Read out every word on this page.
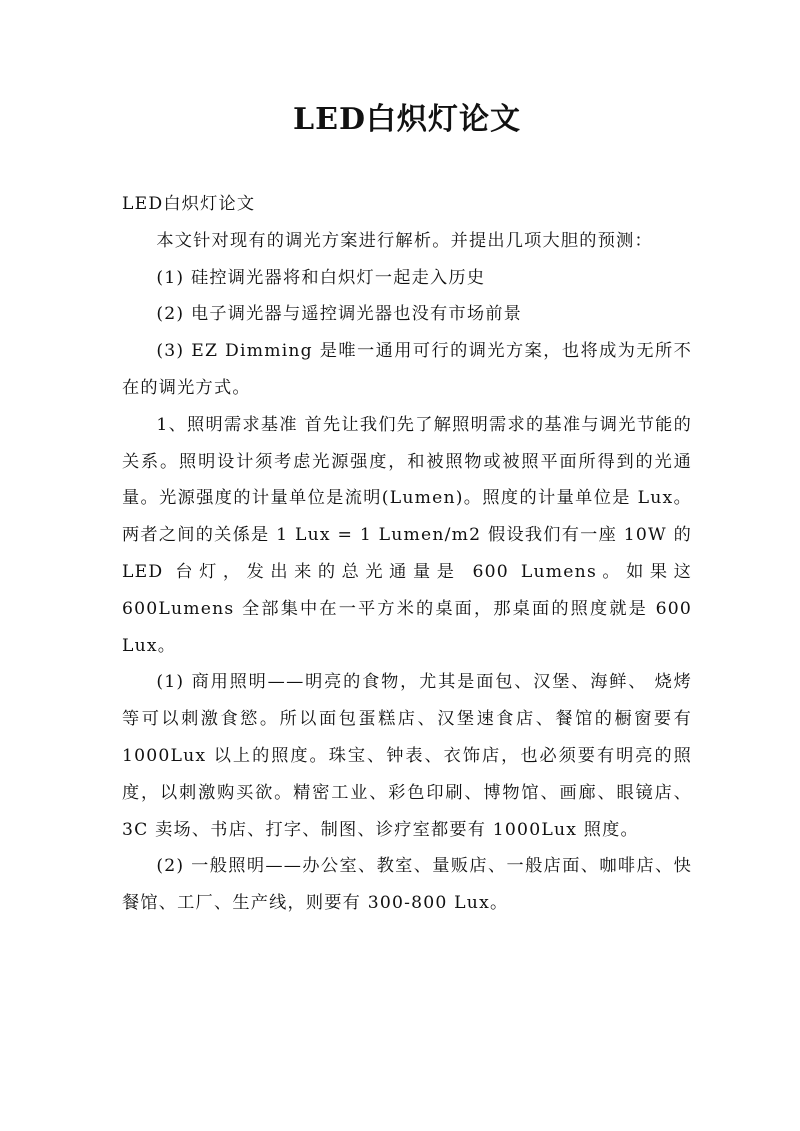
LED白炽灯论文

LED白炽灯论文

本文针对现有的调光方案进行解析。并提出几项大胆的预测：

(1) 硅控调光器将和白炽灯一起走入历史

(2) 电子调光器与遥控调光器也没有市场前景

(3) EZ Dimming 是唯一通用可行的调光方案，也将成为无所不在的调光方式。

1、照明需求基准 首先让我们先了解照明需求的基准与调光节能的关系。照明设计须考虑光源强度，和被照物或被照平面所得到的光通量。光源强度的计量单位是流明(Lumen)。照度的计量单位是 Lux。两者之间的关係是 1 Lux = 1 Lumen/m2 假设我们有一座 10W 的 LED 台灯，发出来的总光通量是 600 Lumens。如果这 600Lumens 全部集中在一平方米的桌面，那桌面的照度就是 600 Lux。

(1) 商用照明——明亮的食物，尤其是面包、汉堡、海鲜、 烧烤等可以刺激食慾。所以面包蛋糕店、汉堡速食店、餐馆的橱窗要有 1000Lux 以上的照度。珠宝、钟表、衣饰店，也必须要有明亮的照度，以刺激购买欲。精密工业、彩色印刷、博物馆、画廊、眼镜店、3C 卖场、书店、打字、制图、诊疗室都要有 1000Lux 照度。

(2) 一般照明——办公室、教室、量贩店、一般店面、咖啡店、快餐馆、工厂、生产线，则要有 300-800 Lux。
